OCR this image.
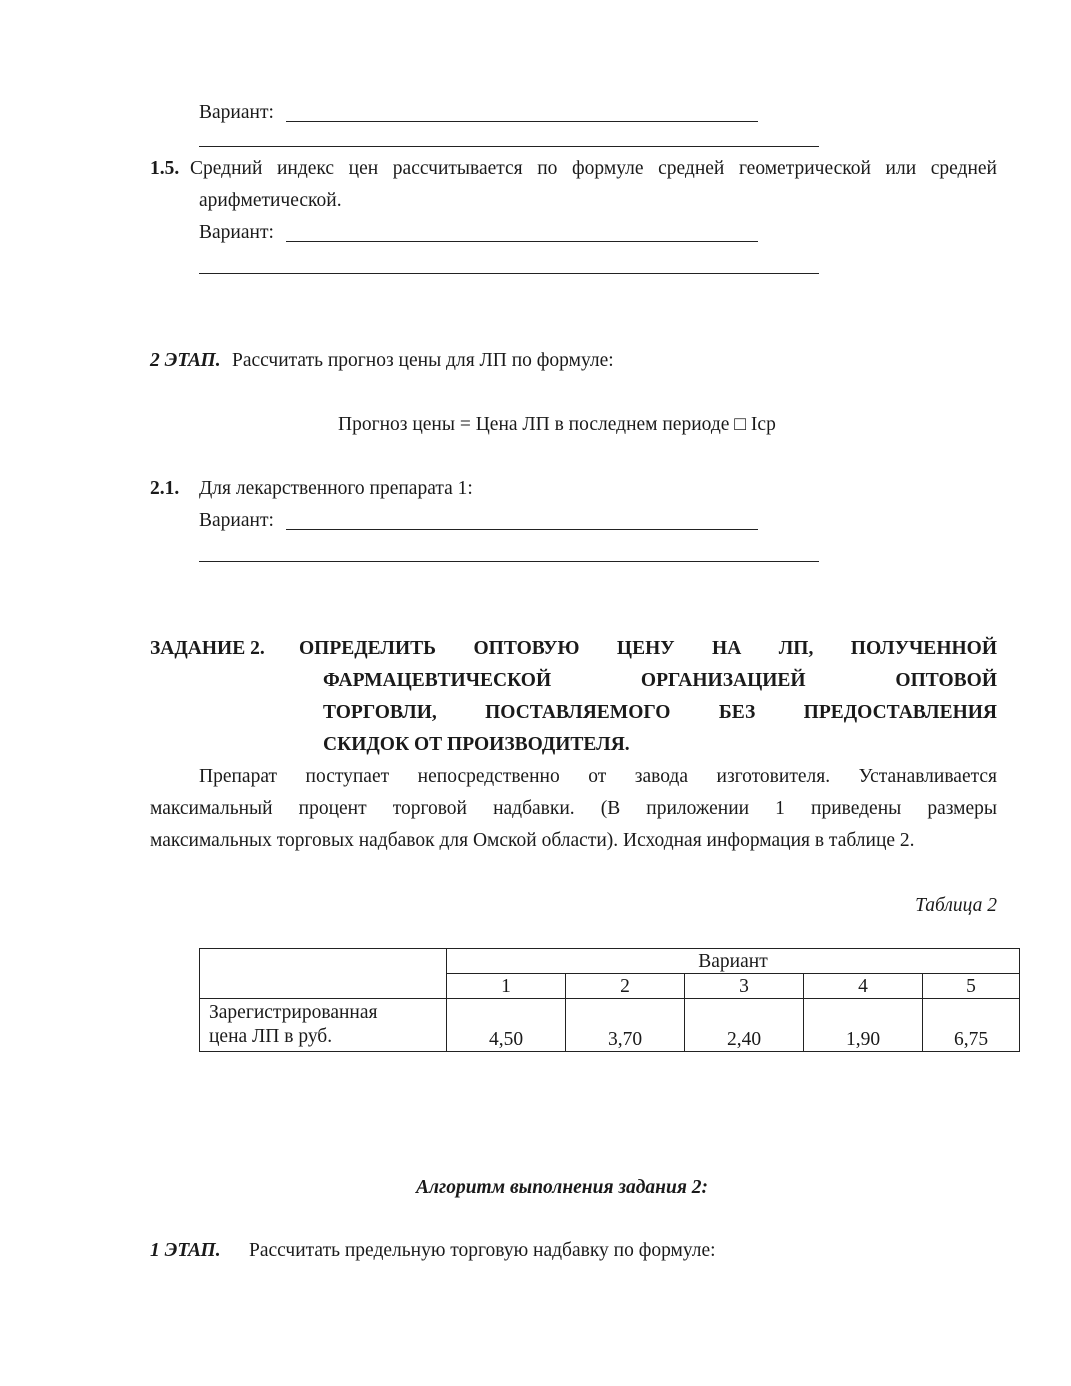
Вариант:
1.5. Средний индекс цен рассчитывается по формуле средней геометрической или средней
арифметической.
Вариант:
2 ЭТАП. Рассчитать прогноз цены для ЛП по формуле:
Прогноз цены = Цена ЛП в последнем периоде □ Iср
2.1. Для лекарственного препарата 1:
Вариант:
ЗАДАНИЕ 2. ОПРЕДЕЛИТЬ ОПТОВУЮ ЦЕНУ НА ЛП, ПОЛУЧЕННОЙ
ФАРМАЦЕВТИЧЕСКОЙ ОРГАНИЗАЦИЕЙ ОПТОВОЙ
ТОРГОВЛИ, ПОСТАВЛЯЕМОГО БЕЗ ПРЕДОСТАВЛЕНИЯ
СКИДОК ОТ ПРОИЗВОДИТЕЛЯ.
Препарат поступает непосредственно от завода изготовителя. Устанавливается
максимальный процент торговой надбавки. (В приложении 1 приведены размеры
максимальных торговых надбавок для Омской области). Исходная информация в таблице 2.
Таблица 2
	Вариант				
	1	2	3	4	5

Зарегистрированная
цена ЛП в руб.	4,50	3,70	2,40	1,90	6,75
Алгоритм выполнения задания 2:
1 ЭТАП. Рассчитать предельную торговую надбавку по формуле:
